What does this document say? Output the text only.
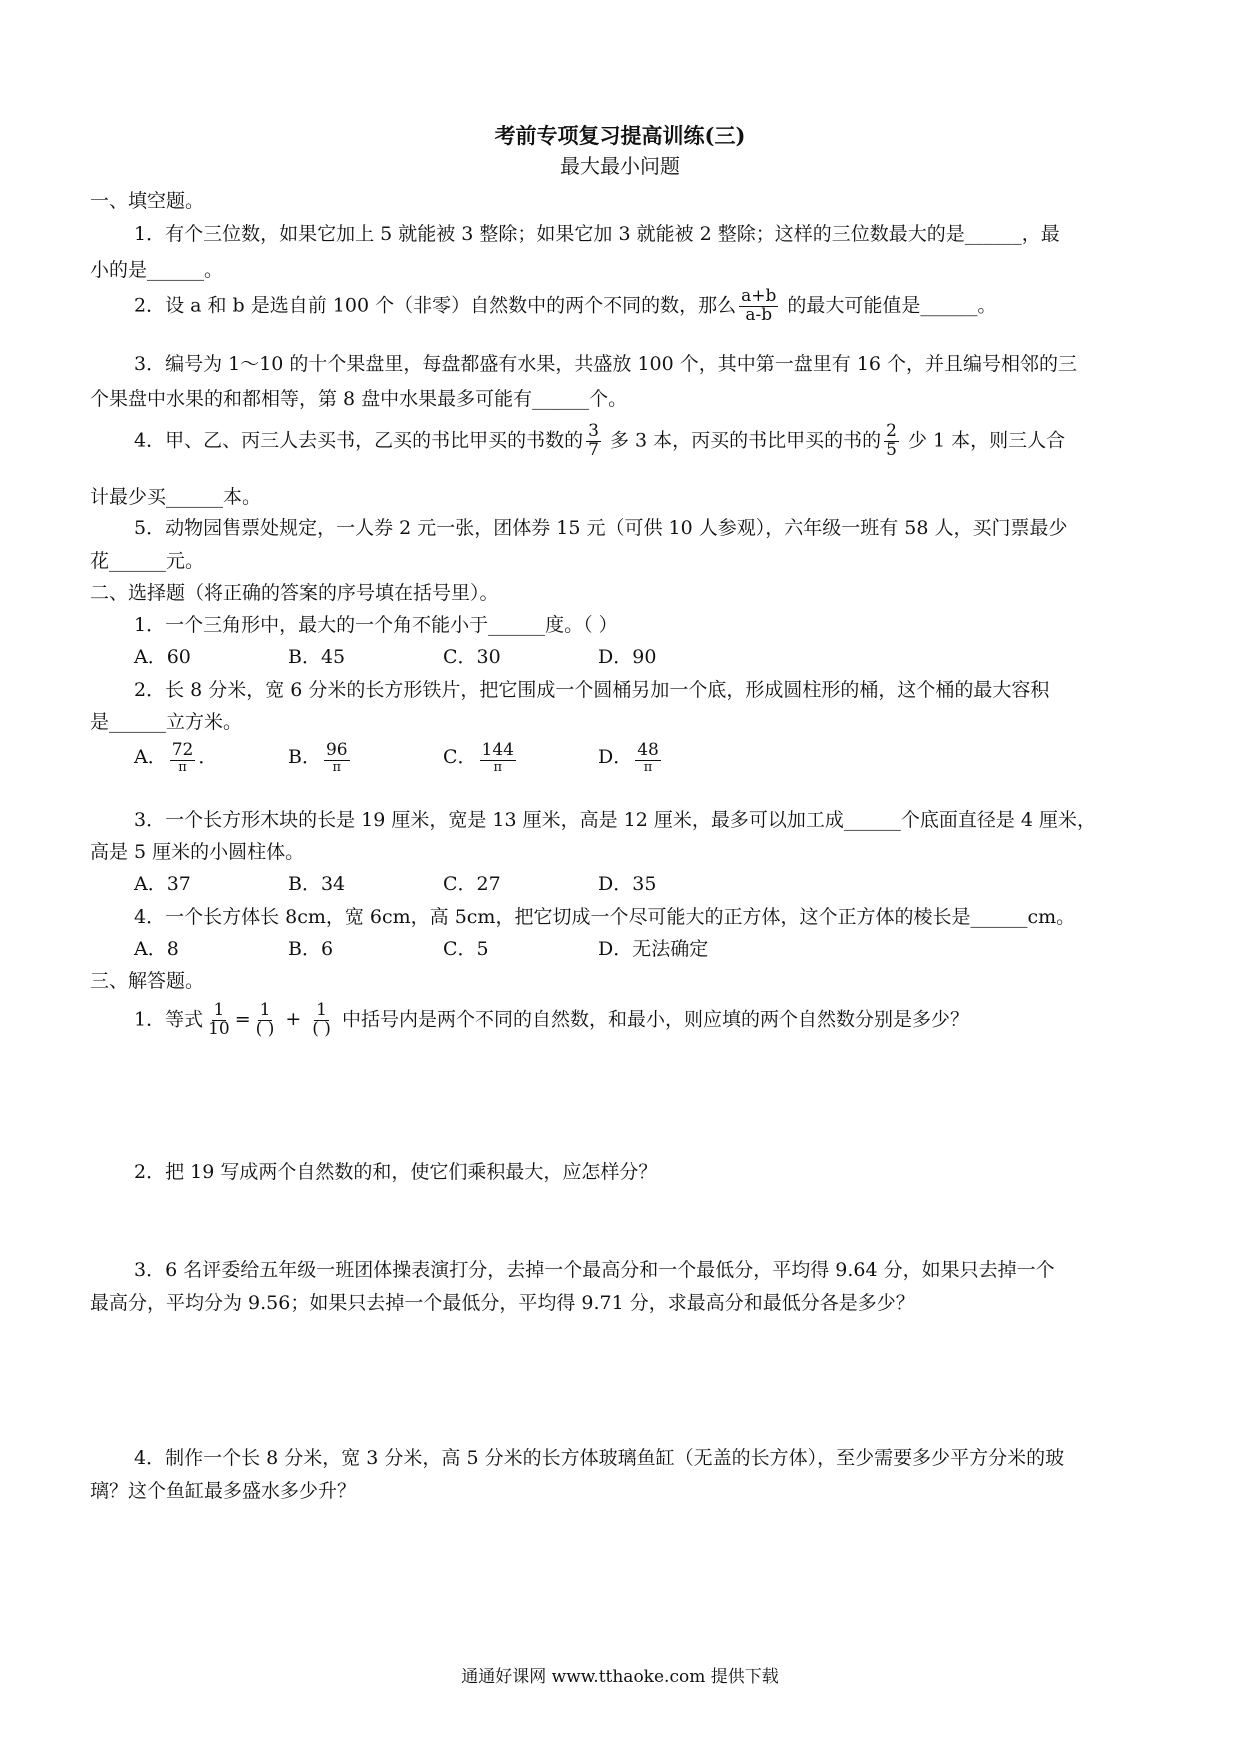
考前专项复习提高训练(三)
最大最小问题
一、填空题。
1．有个三位数，如果它加上 5 就能被 3 整除；如果它加 3 就能被 2 整除；这样的三位数最大的是______，最
小的是______。
2．设 a 和 b 是选自前 100 个（非零）自然数中的两个不同的数，那么 $\frac{a+b}{a-b}$ 的最大可能值是______。
3．编号为 1～10 的十个果盘里，每盘都盛有水果，共盛放 100 个，其中第一盘里有 16 个，并且编号相邻的三
个果盘中水果的和都相等，第 8 盘中水果最多可能有______个。
4．甲、乙、丙三人去买书，乙买的书比甲买的书数的 $\frac{3}{7}$ 多 3 本，丙买的书比甲买的书的 $\frac{2}{5}$ 少 1 本，则三人合
计最少买______本。
5．动物园售票处规定，一人券 2 元一张，团体券 15 元（可供 10 人参观），六年级一班有 58 人，买门票最少
花______元。
二、选择题（将正确的答案的序号填在括号里）。
1．一个三角形中，最大的一个角不能小于______度。（ ）
A．60	B．45	C．30	D．90
2．长 8 分米，宽 6 分米的长方形铁片，把它围成一个圆桶另加一个底，形成圆柱形的桶，这个桶的最大容积
是______立方米。
A． $\frac{72}{\pi}$ ．	B． $\frac{96}{\pi}$	C． $\frac{144}{\pi}$	D． $\frac{48}{\pi}$
3．一个长方形木块的长是 19 厘米，宽是 13 厘米，高是 12 厘米，最多可以加工成______个底面直径是 4 厘米，
高是 5 厘米的小圆柱体。
A．37	B．34	C．27	D．35
4．一个长方体长 8cm，宽 6cm，高 5cm，把它切成一个尽可能大的正方体，这个正方体的棱长是______cm。
A．8	B．6	C．5	D．无法确定
三、解答题。
1．等式 $\frac{1}{10} = \frac{1}{( )} + \frac{1}{( )}$ 中括号内是两个不同的自然数，和最小，则应填的两个自然数分别是多少？
2．把 19 写成两个自然数的和，使它们乘积最大，应怎样分？
3．6 名评委给五年级一班团体操表演打分，去掉一个最高分和一个最低分，平均得 9.64 分，如果只去掉一个
最高分，平均分为 9.56；如果只去掉一个最低分，平均得 9.71 分，求最高分和最低分各是多少？
4．制作一个长 8 分米，宽 3 分米，高 5 分米的长方体玻璃鱼缸（无盖的长方体），至少需要多少平方分米的玻
璃？这个鱼缸最多盛水多少升？
通通好课网 www.tthaoke.com 提供下载
